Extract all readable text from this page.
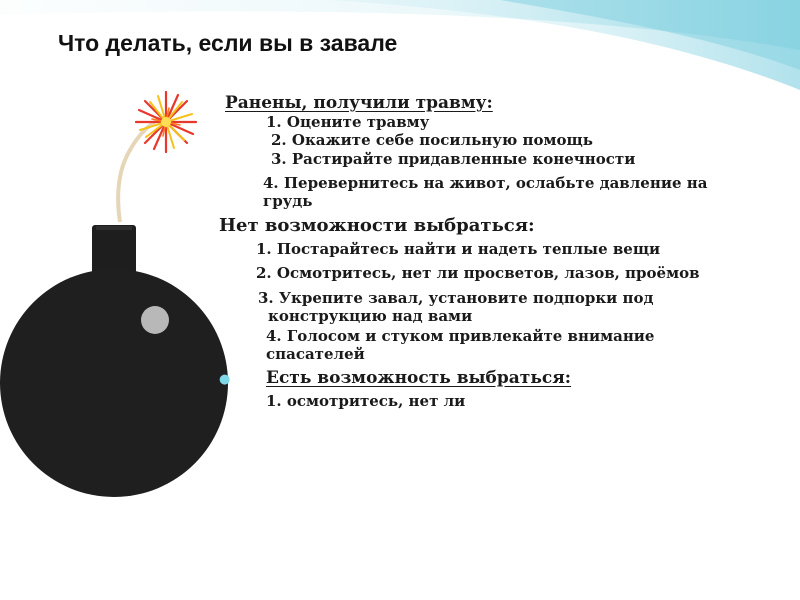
Что делать, если вы в завале
Ранены, получили травму:
1. Оцените травму
2. Окажите себе посильную помощь
3. Растирайте придавленные конечности
4. Перевернитесь на живот, ослабьте давление на
грудь
Нет возможности выбраться:
1. Постарайтесь найти и надеть теплые вещи
2. Осмотритесь, нет ли просветов, лазов, проёмов
3. Укрепите завал, установите подпорки под
конструкцию над вами
4. Голосом и стуком привлекайте внимание
спасателей
● Есть возможность выбраться:
1. осмотритесь, нет ли
